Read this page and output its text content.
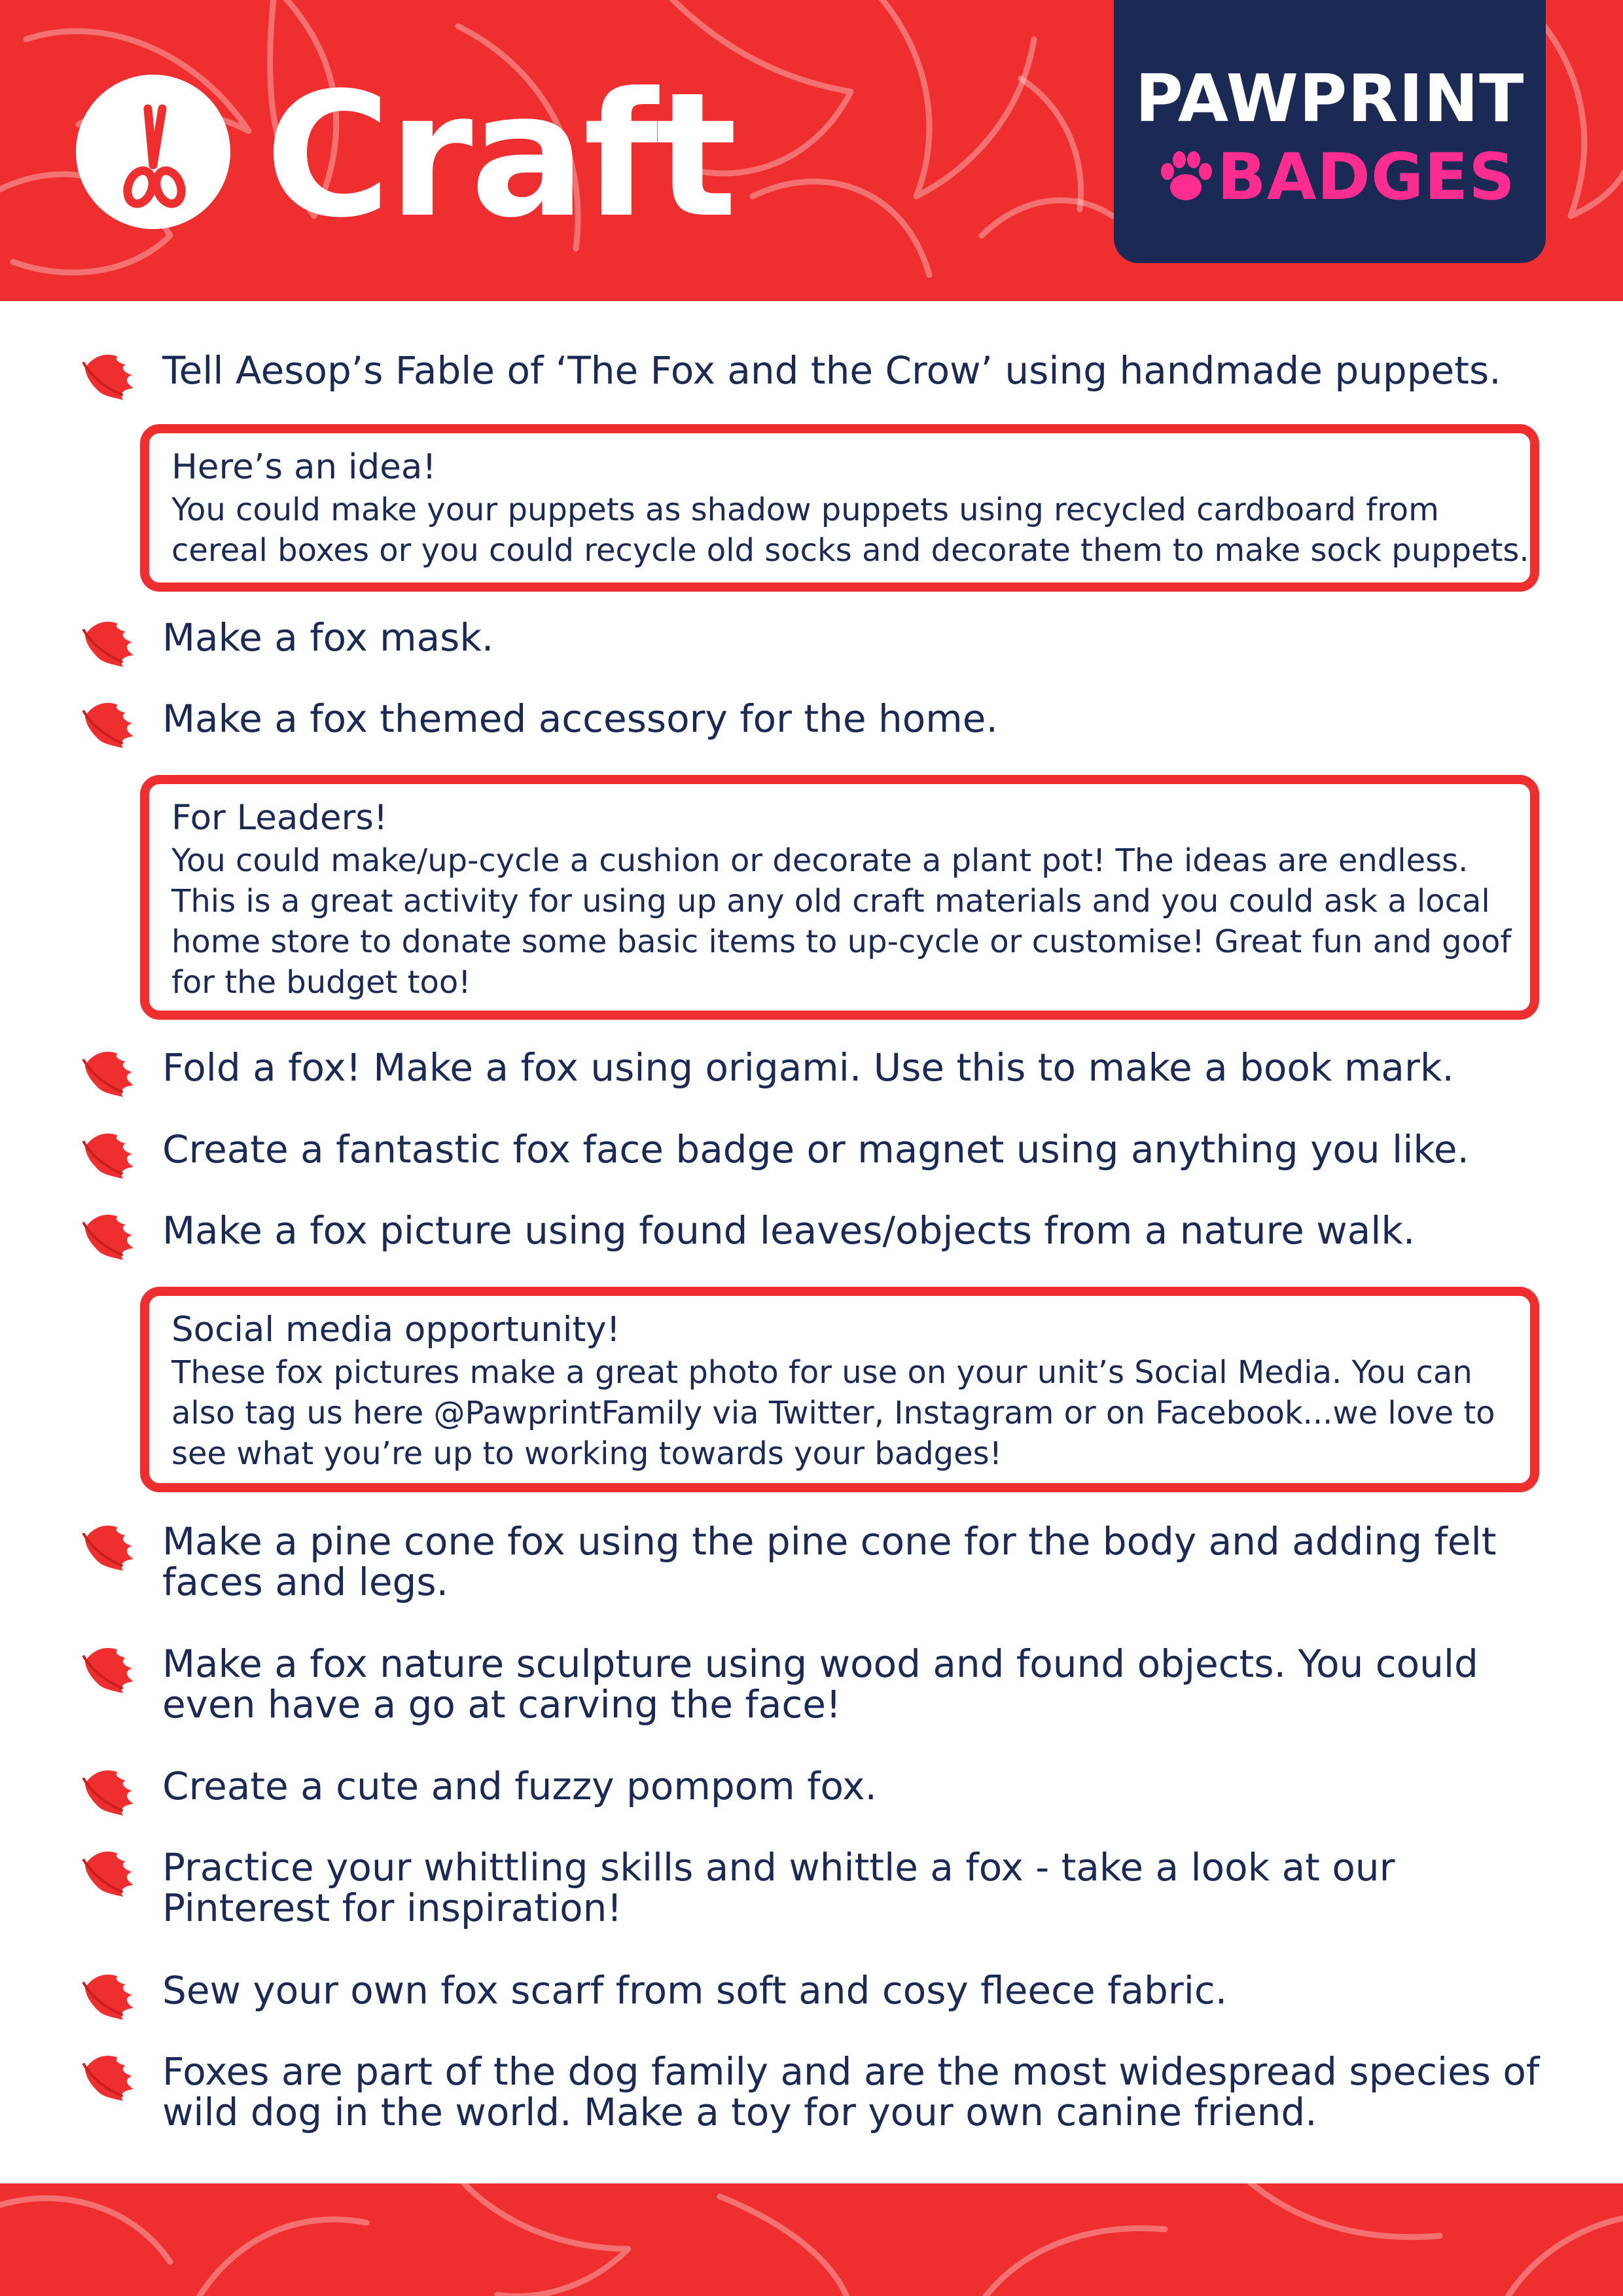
Craft	PAWPRINT
BADGES

Tell Aesop’s Fable of ‘The Fox and the Crow’ using handmade puppets.

Here’s an idea!

You could make your puppets as shadow puppets using recycled cardboard from cereal boxes or you could recycle old socks and decorate them to make sock puppets.

Make a fox mask.

Make a fox themed accessory for the home.

For Leaders!

You could make/up-cycle a cushion or decorate a plant pot! The ideas are endless. This is a great activity for using up any old craft materials and you could ask a local home store to donate some basic items to up-cycle or customise! Great fun and goof for the budget too!

Fold a fox! Make a fox using origami. Use this to make a book mark.

Create a fantastic fox face badge or magnet using anything you like.

Make a fox picture using found leaves/objects from a nature walk.

Social media opportunity!

These fox pictures make a great photo for use on your unit’s Social Media. You can also tag us here @PawprintFamily via Twitter, Instagram or on Facebook...we love to see what you’re up to working towards your badges!

Make a pine cone fox using the pine cone for the body and adding felt faces and legs.

Make a fox nature sculpture using wood and found objects. You could even have a go at carving the face!

Create a cute and fuzzy pompom fox.

Practice your whittling skills and whittle a fox - take a look at our Pinterest for inspiration!

Sew your own fox scarf from soft and cosy fleece fabric.

Foxes are part of the dog family and are the most widespread species of wild dog in the world. Make a toy for your own canine friend.
